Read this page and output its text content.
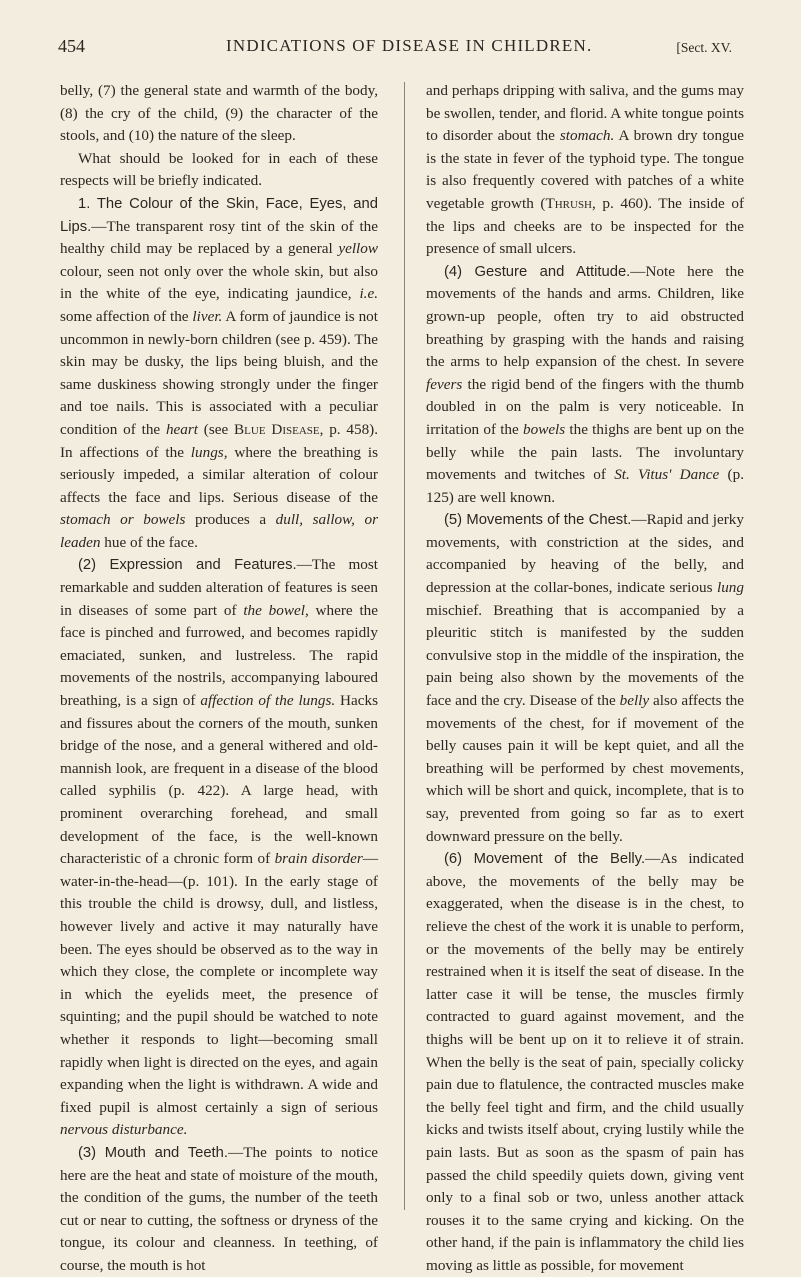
454	INDICATIONS OF DISEASE IN CHILDREN.	[Sect. XV.

belly, (7) the general state and warmth of the body, (8) the cry of the child, (9) the character of the stools, and (10) the nature of the sleep.

What should be looked for in each of these respects will be briefly indicated.

1. The Colour of the Skin, Face, Eyes, and Lips.—The transparent rosy tint of the skin of the healthy child may be replaced by a general yellow colour, seen not only over the whole skin, but also in the white of the eye, indicating jaundice, i.e. some affection of the liver. A form of jaundice is not uncommon in newly-born children (see p. 459). The skin may be dusky, the lips being bluish, and the same duskiness showing strongly under the finger and toe nails. This is associated with a peculiar condition of the heart (see Blue Disease, p. 458). In affections of the lungs, where the breathing is seriously impeded, a similar alteration of colour affects the face and lips. Serious disease of the stomach or bowels produces a dull, sallow, or leaden hue of the face.

(2) Expression and Features.—The most remarkable and sudden alteration of features is seen in diseases of some part of the bowel, where the face is pinched and furrowed, and becomes rapidly emaciated, sunken, and lustreless. The rapid movements of the nostrils, accompanying laboured breathing, is a sign of affection of the lungs. Hacks and fissures about the corners of the mouth, sunken bridge of the nose, and a general withered and old-mannish look, are frequent in a disease of the blood called syphilis (p. 422). A large head, with prominent overarching forehead, and small development of the face, is the well-known characteristic of a chronic form of brain disorder—water-in-the-head—(p. 101). In the early stage of this trouble the child is drowsy, dull, and listless, however lively and active it may naturally have been. The eyes should be observed as to the way in which they close, the complete or incomplete way in which the eyelids meet, the presence of squinting; and the pupil should be watched to note whether it responds to light—becoming small rapidly when light is directed on the eyes, and again expanding when the light is withdrawn. A wide and fixed pupil is almost certainly a sign of serious nervous disturbance.

(3) Mouth and Teeth.—The points to notice here are the heat and state of moisture of the mouth, the condition of the gums, the number of the teeth cut or near to cutting, the softness or dryness of the tongue, its colour and cleanness. In teething, of course, the mouth is hot

and perhaps dripping with saliva, and the gums may be swollen, tender, and florid. A white tongue points to disorder about the stomach. A brown dry tongue is the state in fever of the typhoid type. The tongue is also frequently covered with patches of a white vegetable growth (Thrush, p. 460). The inside of the lips and cheeks are to be inspected for the presence of small ulcers.

(4) Gesture and Attitude.—Note here the movements of the hands and arms. Children, like grown-up people, often try to aid obstructed breathing by grasping with the hands and raising the arms to help expansion of the chest. In severe fevers the rigid bend of the fingers with the thumb doubled in on the palm is very noticeable. In irritation of the bowels the thighs are bent up on the belly while the pain lasts. The involuntary movements and twitches of St. Vitus' Dance (p. 125) are well known.

(5) Movements of the Chest.—Rapid and jerky movements, with constriction at the sides, and accompanied by heaving of the belly, and depression at the collar-bones, indicate serious lung mischief. Breathing that is accompanied by a pleuritic stitch is manifested by the sudden convulsive stop in the middle of the inspiration, the pain being also shown by the movements of the face and the cry. Disease of the belly also affects the movements of the chest, for if movement of the belly causes pain it will be kept quiet, and all the breathing will be performed by chest movements, which will be short and quick, incomplete, that is to say, prevented from going so far as to exert downward pressure on the belly.

(6) Movement of the Belly.—As indicated above, the movements of the belly may be exaggerated, when the disease is in the chest, to relieve the chest of the work it is unable to perform, or the movements of the belly may be entirely restrained when it is itself the seat of disease. In the latter case it will be tense, the muscles firmly contracted to guard against movement, and the thighs will be bent up on it to relieve it of strain. When the belly is the seat of pain, specially colicky pain due to flatulence, the contracted muscles make the belly feel tight and firm, and the child usually kicks and twists itself about, crying lustily while the pain lasts. But as soon as the spasm of pain has passed the child speedily quiets down, giving vent only to a final sob or two, unless another attack rouses it to the same crying and kicking. On the other hand, if the pain is inflammatory the child lies moving as little as possible, for movement
